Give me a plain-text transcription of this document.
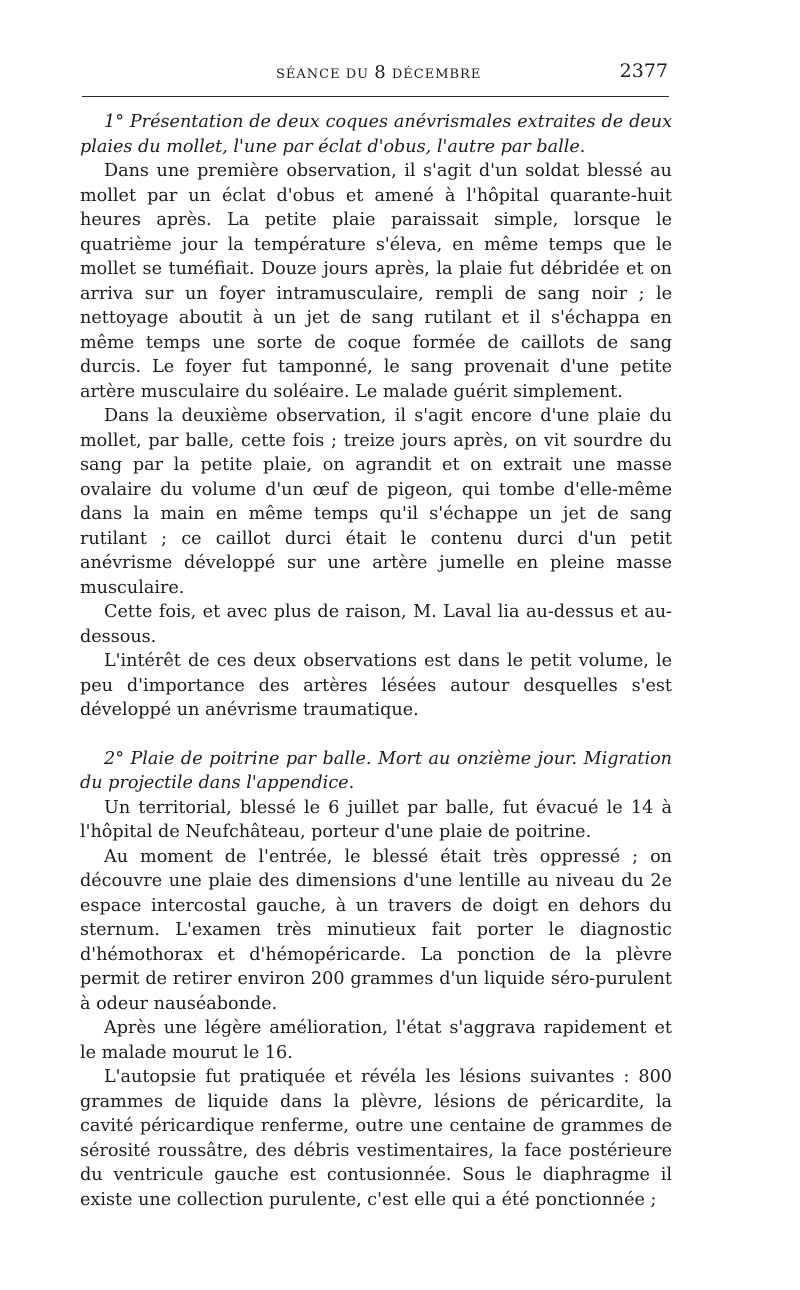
SÉANCE DU 8 DÉCEMBRE	2377

1° Présentation de deux coques anévrismales extraites de deux plaies du mollet, l'une par éclat d'obus, l'autre par balle.

Dans une première observation, il s'agit d'un soldat blessé au mollet par un éclat d'obus et amené à l'hôpital quarante-huit heures après. La petite plaie paraissait simple, lorsque le quatrième jour la température s'éleva, en même temps que le mollet se tuméfiait. Douze jours après, la plaie fut débridée et on arriva sur un foyer intramusculaire, rempli de sang noir ; le nettoyage aboutit à un jet de sang rutilant et il s'échappa en même temps une sorte de coque formée de caillots de sang durcis. Le foyer fut tamponné, le sang provenait d'une petite artère musculaire du soléaire. Le malade guérit simplement.

Dans la deuxième observation, il s'agit encore d'une plaie du mollet, par balle, cette fois ; treize jours après, on vit sourdre du sang par la petite plaie, on agrandit et on extrait une masse ovalaire du volume d'un œuf de pigeon, qui tombe d'elle-même dans la main en même temps qu'il s'échappe un jet de sang rutilant ; ce caillot durci était le contenu durci d'un petit anévrisme développé sur une artère jumelle en pleine masse musculaire.

Cette fois, et avec plus de raison, M. Laval lia au-dessus et au-dessous.

L'intérêt de ces deux observations est dans le petit volume, le peu d'importance des artères lésées autour desquelles s'est développé un anévrisme traumatique.

2° Plaie de poitrine par balle. Mort au onzième jour. Migration du projectile dans l'appendice.

Un territorial, blessé le 6 juillet par balle, fut évacué le 14 à l'hôpital de Neufchâteau, porteur d'une plaie de poitrine.

Au moment de l'entrée, le blessé était très oppressé ; on découvre une plaie des dimensions d'une lentille au niveau du 2e espace intercostal gauche, à un travers de doigt en dehors du sternum. L'examen très minutieux fait porter le diagnostic d'hémothorax et d'hémopéricarde. La ponction de la plèvre permit de retirer environ 200 grammes d'un liquide séro-purulent à odeur nauséabonde.

Après une légère amélioration, l'état s'aggrava rapidement et le malade mourut le 16.

L'autopsie fut pratiquée et révéla les lésions suivantes : 800 grammes de liquide dans la plèvre, lésions de péricardite, la cavité péricardique renferme, outre une centaine de grammes de sérosité roussâtre, des débris vestimentaires, la face postérieure du ventricule gauche est contusionnée. Sous le diaphragme il existe une collection purulente, c'est elle qui a été ponctionnée ;
